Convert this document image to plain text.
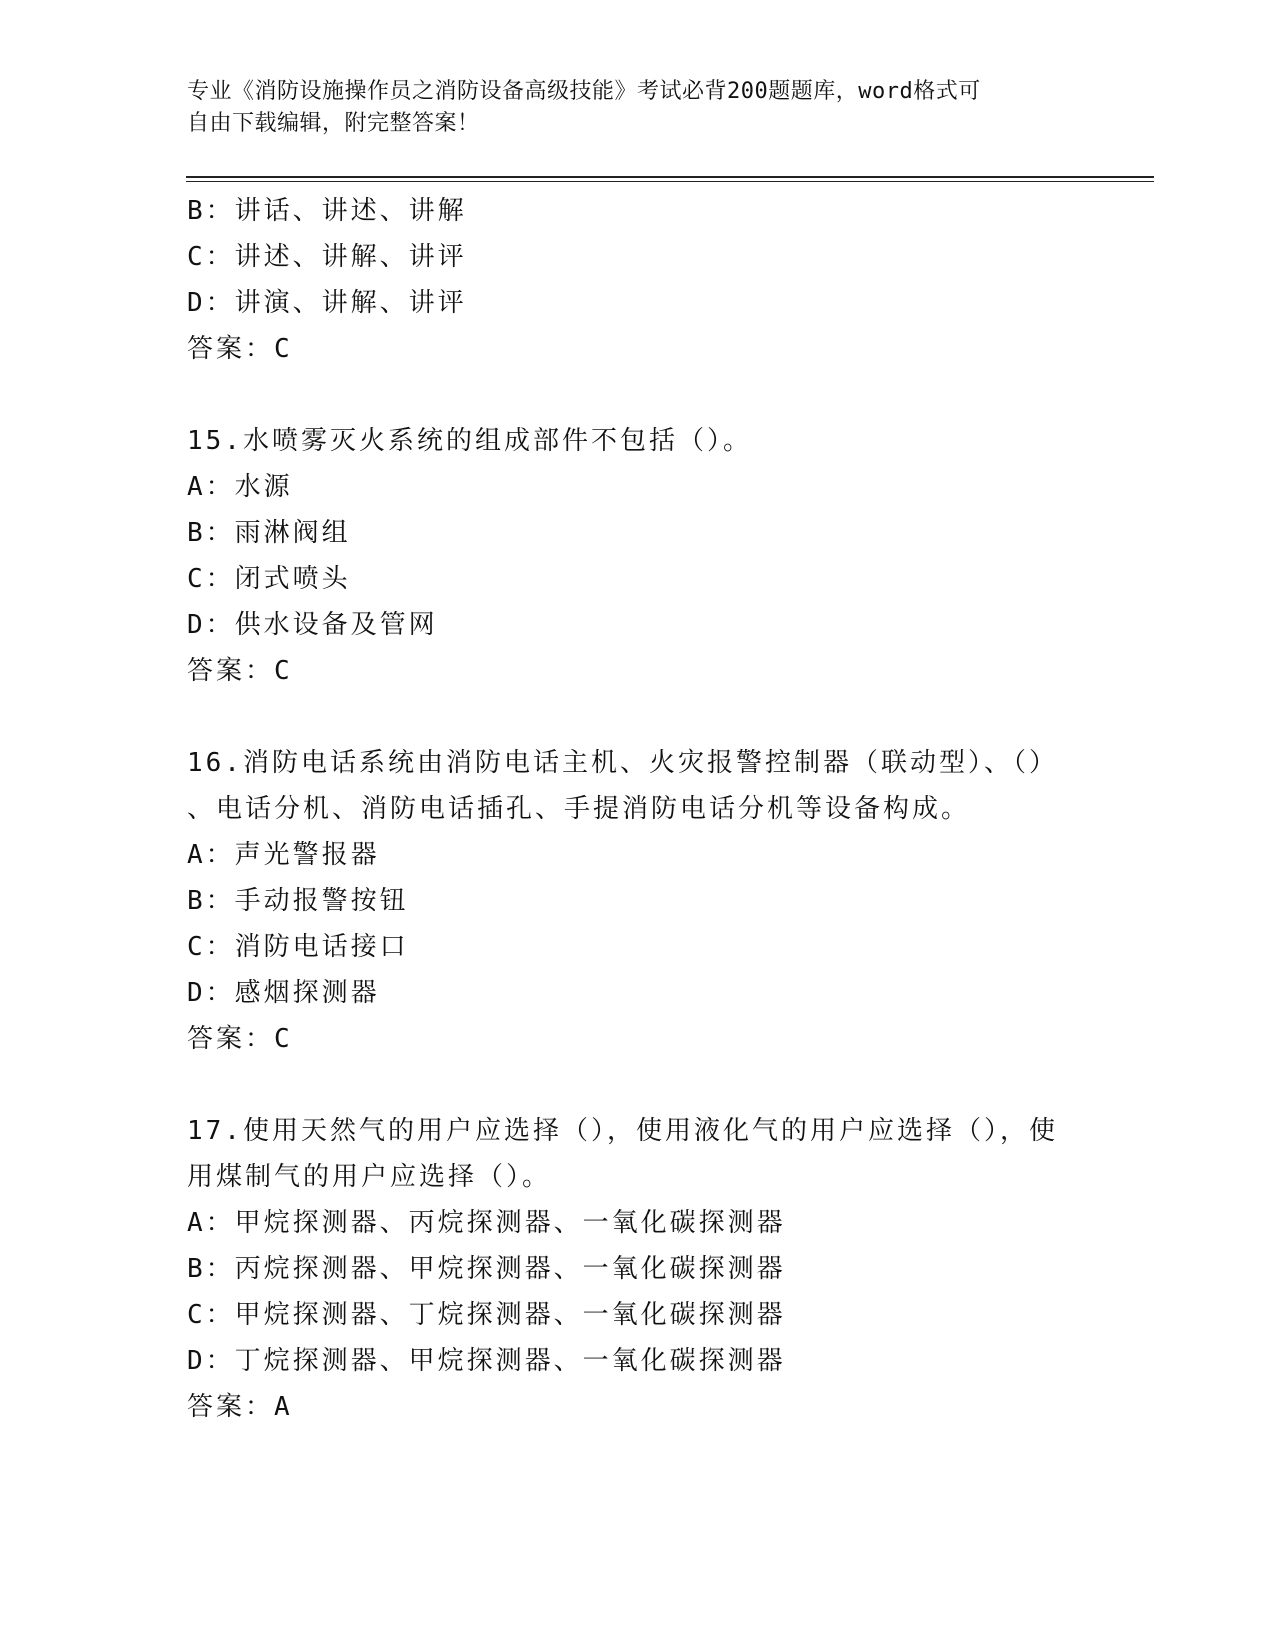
专业《消防设施操作员之消防设备高级技能》考试必背200题题库，word格式可
自由下载编辑，附完整答案！
B：讲话、讲述、讲解
C：讲述、讲解、讲评
D：讲演、讲解、讲评
答案：C
15.水喷雾灭火系统的组成部件不包括（）。
A：水源
B：雨淋阀组
C：闭式喷头
D：供水设备及管网
答案：C
16.消防电话系统由消防电话主机、火灾报警控制器（联动型）、（）
、电话分机、消防电话插孔、手提消防电话分机等设备构成。
A：声光警报器
B：手动报警按钮
C：消防电话接口
D：感烟探测器
答案：C
17.使用天然气的用户应选择（），使用液化气的用户应选择（），使
用煤制气的用户应选择（）。
A：甲烷探测器、丙烷探测器、一氧化碳探测器
B：丙烷探测器、甲烷探测器、一氧化碳探测器
C：甲烷探测器、丁烷探测器、一氧化碳探测器
D：丁烷探测器、甲烷探测器、一氧化碳探测器
答案：A
